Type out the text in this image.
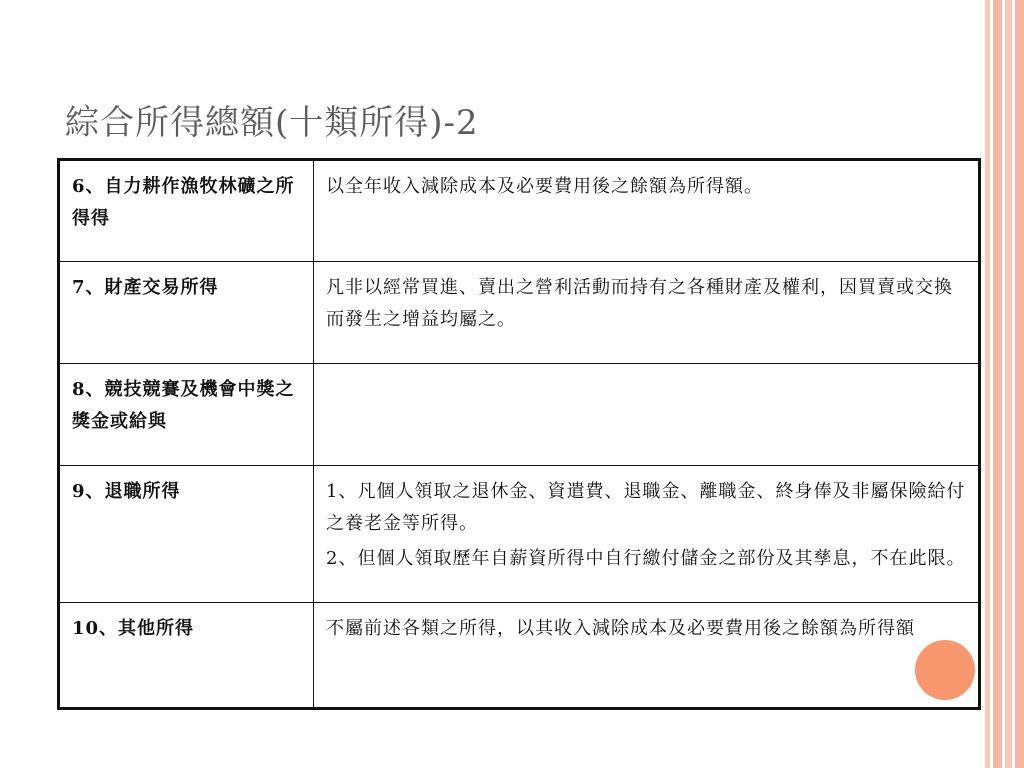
綜合所得總額(十類所得)-2
6、自力耕作漁牧林礦之所得得	以全年收入減除成本及必要費用後之餘額為所得額。

7、財產交易所得	凡非以經常買進、賣出之營利活動而持有之各種財產及權利，因買賣或交換而發生之增益均屬之。

8、競技競賽及機會中獎之獎金或給與	
9、退職所得	1、凡個人領取之退休金、資遣費、退職金、離職金、終身俸及非屬保險給付之養老金等所得。

2、但個人領取歷年自薪資所得中自行繳付儲金之部份及其孳息，不在此限。

10、其他所得	不屬前述各類之所得，以其收入減除成本及必要費用後之餘額為所得額
